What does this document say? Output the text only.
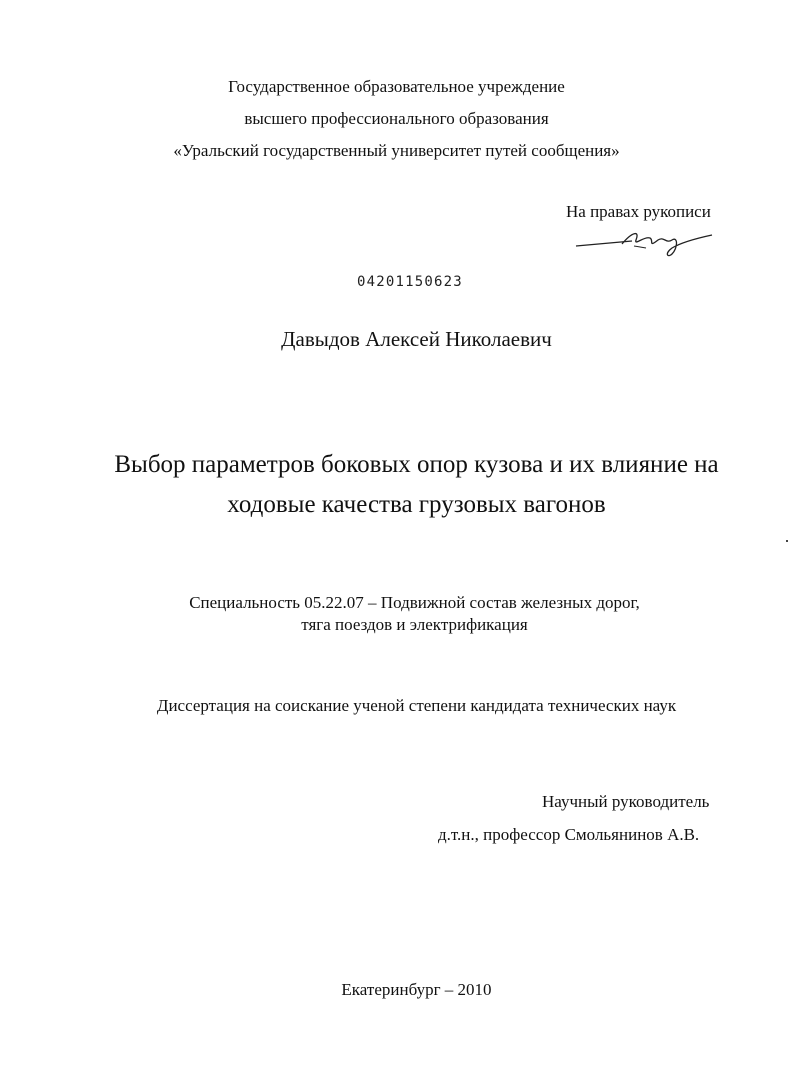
Государственное образовательное учреждение
высшего профессионального образования
«Уральский государственный университет путей сообщения»
На правах рукописи
04201150623
Давыдов Алексей Николаевич
Выбор параметров боковых опор кузова и их влияние на
ходовые качества грузовых вагонов
Специальность 05.22.07 – Подвижной состав железных дорог,
тяга поездов и электрификация
Диссертация на соискание ученой степени кандидата технических наук
Научный руководитель
д.т.н., профессор Смольянинов А.В.
Екатеринбург – 2010
